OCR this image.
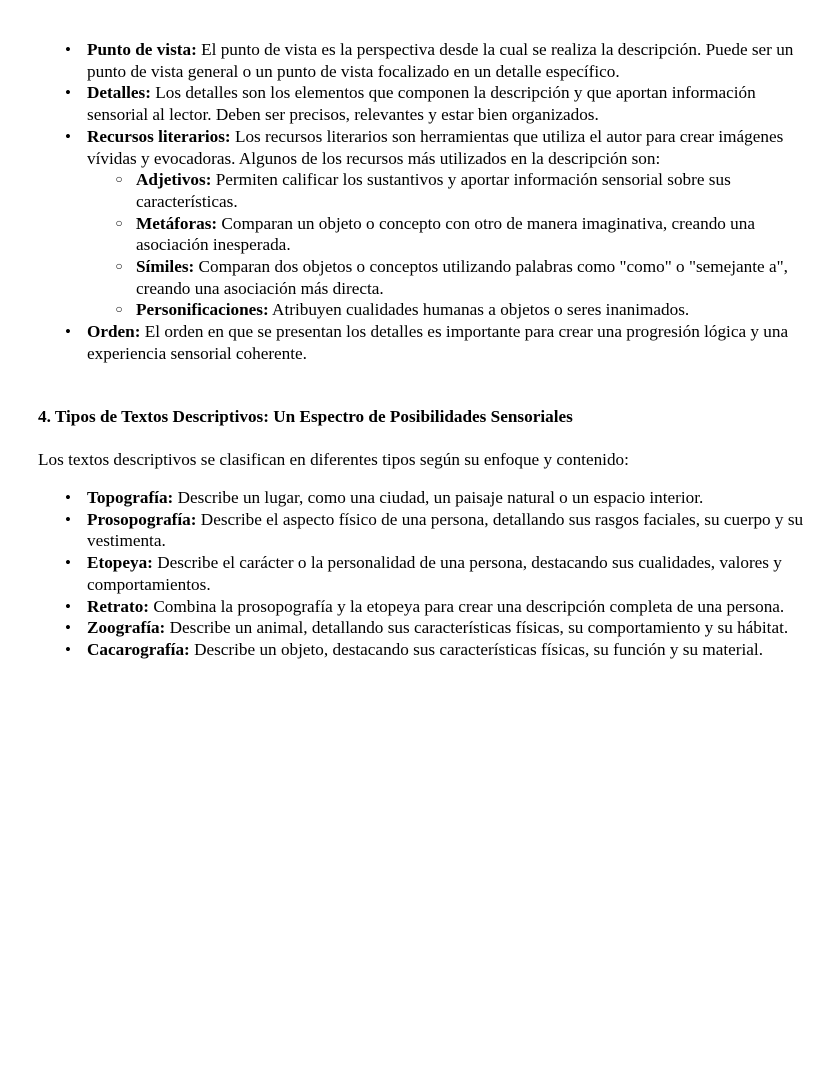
• Punto de vista: El punto de vista es la perspectiva desde la cual se realiza la descripción. Puede ser un punto de vista general o un punto de vista focalizado en un detalle específico.
• Detalles: Los detalles son los elementos que componen la descripción y que aportan información sensorial al lector. Deben ser precisos, relevantes y estar bien organizados.
• Recursos literarios: Los recursos literarios son herramientas que utiliza el autor para crear imágenes vívidas y evocadoras. Algunos de los recursos más utilizados en la descripción son:
○ Adjetivos: Permiten calificar los sustantivos y aportar información sensorial sobre sus características.
○ Metáforas: Comparan un objeto o concepto con otro de manera imaginativa, creando una asociación inesperada.
○ Símiles: Comparan dos objetos o conceptos utilizando palabras como "como" o "semejante a", creando una asociación más directa.
○ Personificaciones: Atribuyen cualidades humanas a objetos o seres inanimados.
• Orden: El orden en que se presentan los detalles es importante para crear una progresión lógica y una experiencia sensorial coherente.
4. Tipos de Textos Descriptivos: Un Espectro de Posibilidades Sensoriales

Los textos descriptivos se clasifican en diferentes tipos según su enfoque y contenido:

• Topografía: Describe un lugar, como una ciudad, un paisaje natural o un espacio interior.
• Prosopografía: Describe el aspecto físico de una persona, detallando sus rasgos faciales, su cuerpo y su vestimenta.
• Etopeya: Describe el carácter o la personalidad de una persona, destacando sus cualidades, valores y comportamientos.
• Retrato: Combina la prosopografía y la etopeya para crear una descripción completa de una persona.
• Zoografía: Describe un animal, detallando sus características físicas, su comportamiento y su hábitat.
• Cacarografía: Describe un objeto, destacando sus características físicas, su función y su material.
